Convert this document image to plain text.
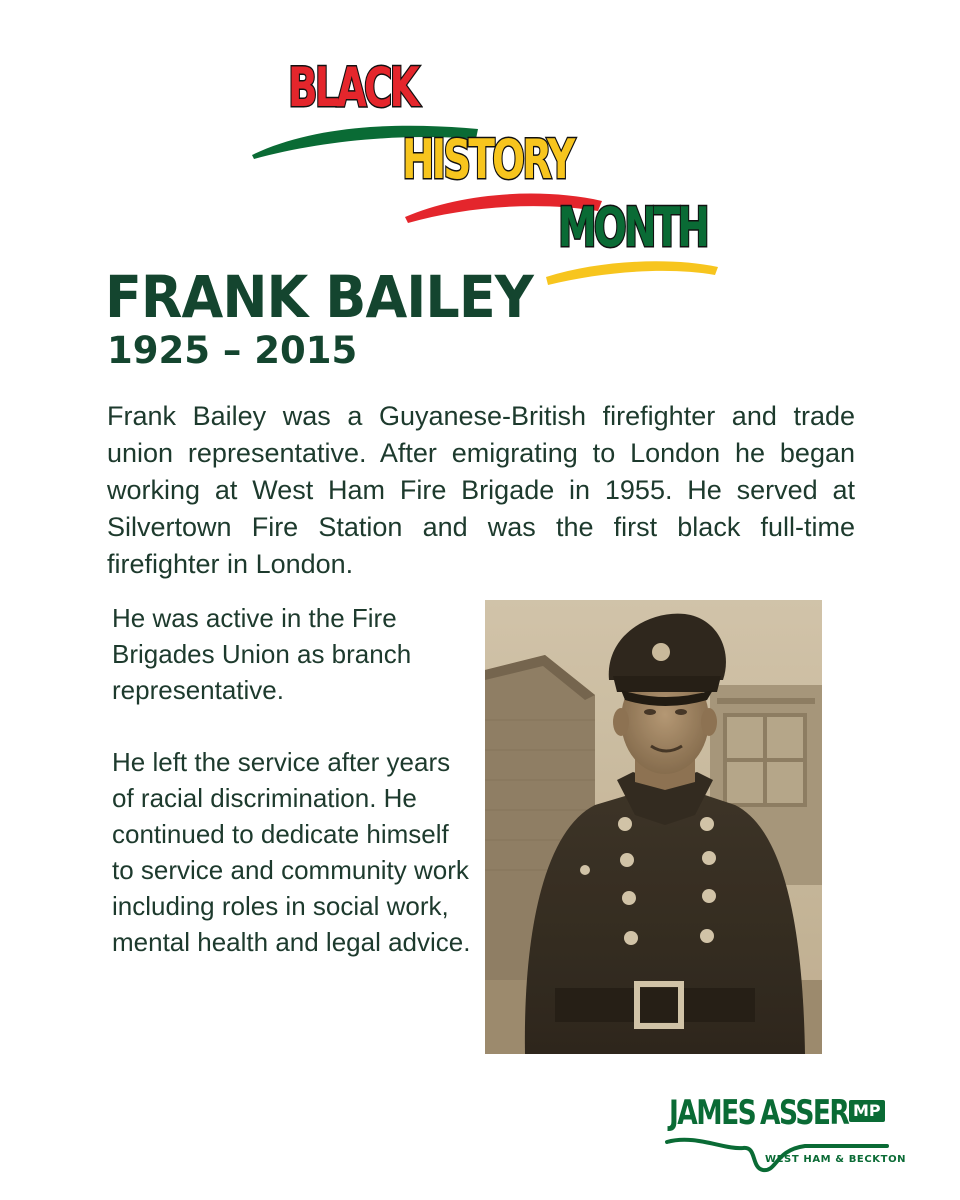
BLACK
HISTORY
MONTH
FRANK BAILEY
1925 – 2015

Frank Bailey was a Guyanese-British firefighter and trade union representative. After emigrating to London he began working at West Ham Fire Brigade in 1955. He served at Silvertown Fire Station and was the first black full-time firefighter in London.

He was active in the Fire Brigades Union as branch representative.

He left the service after years of racial discrimination. He continued to dedicate himself to service and community work including roles in social work, mental health and legal advice.

JAMES ASSER MP
WEST HAM & BECKTON
